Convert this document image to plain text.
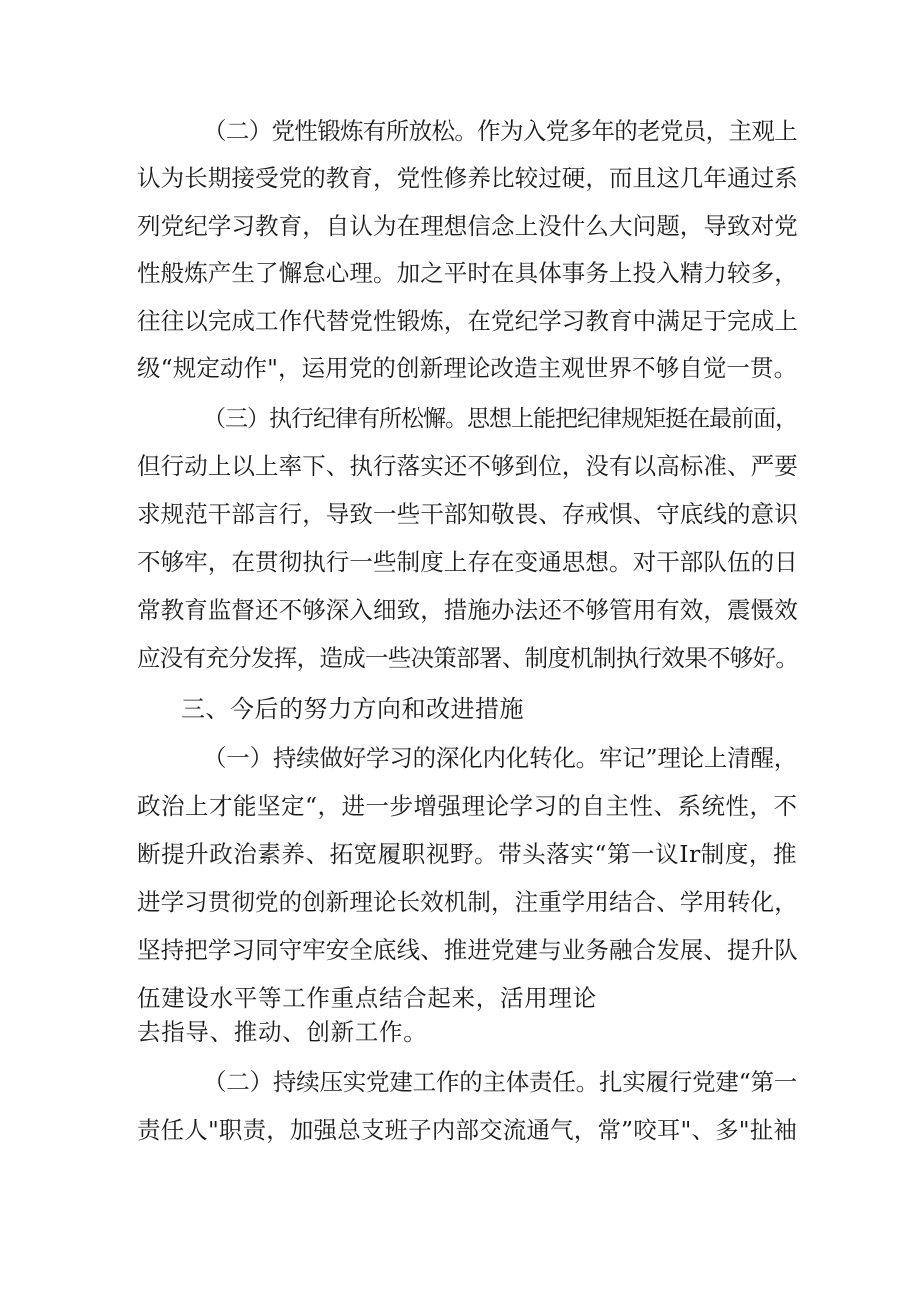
（二）党性锻炼有所放松。作为入党多年的老党员，主观上
认为长期接受党的教育，党性修养比较过硬，而且这几年通过系
列党纪学习教育，自认为在理想信念上没什么大问题，导致对党
性般炼产生了懈怠心理。加之平时在具体事务上投入精力较多，
往往以完成工作代替党性锻炼，在党纪学习教育中满足于完成上
级“规定动作"，运用党的创新理论改造主观世界不够自觉一贯。
（三）执行纪律有所松懈。思想上能把纪律规矩挺在最前面，
但行动上以上率下、执行落实还不够到位，没有以高标准、严要
求规范干部言行，导致一些干部知敬畏、存戒惧、守底线的意识
不够牢，在贯彻执行一些制度上存在变通思想。对干部队伍的日
常教育监督还不够深入细致，措施办法还不够管用有效，震慑效
应没有充分发挥，造成一些决策部署、制度机制执行效果不够好。
三、今后的努力方向和改进措施
（一）持续做好学习的深化内化转化。牢记”理论上清醒，
政治上才能坚定“，进一步增强理论学习的自主性、系统性，不
断提升政治素养、拓宽履职视野。带头落实“第一议Ir制度，推
进学习贯彻党的创新理论长效机制，注重学用结合、学用转化，
坚持把学习同守牢安全底线、推进党建与业务融合发展、提升队
伍建设水平等工作重点结合起来，活用理论
去指导、推动、创新工作。
（二）持续压实党建工作的主体责任。扎实履行党建“第一
责任人"职责，加强总支班子内部交流通气，常”咬耳"、多"扯袖
